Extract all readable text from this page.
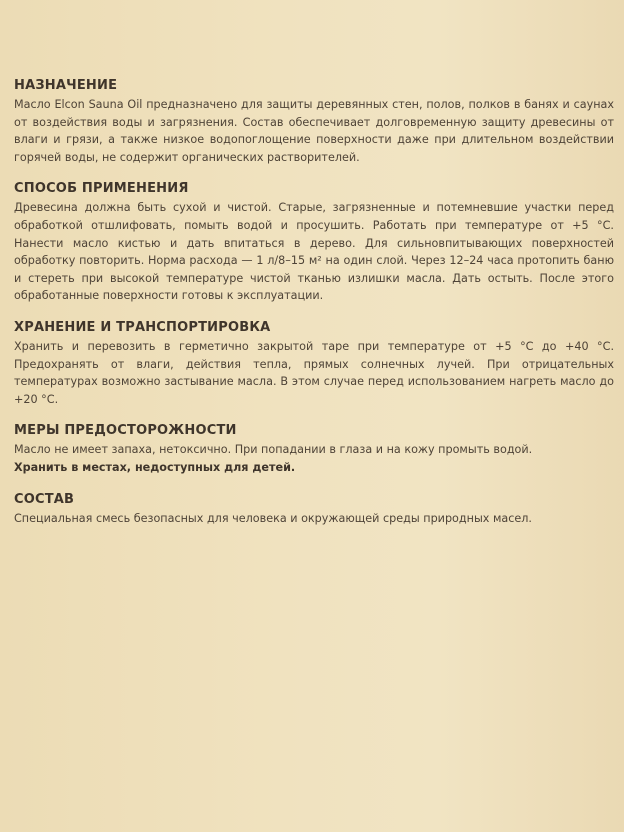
НАЗНАЧЕНИЕ

Масло Elcon Sauna Oil предназначено для защиты деревянных стен, полов, полков в банях и саунах от воздействия воды и загрязнения. Состав обеспечивает долговременную защиту древесины от влаги и грязи, а также низкое водопоглощение поверхности даже при длительном воздействии горячей воды, не содержит органических растворителей.

СПОСОБ ПРИМЕНЕНИЯ

Древесина должна быть сухой и чистой. Старые, загрязненные и потемневшие участки перед обработкой отшлифовать, помыть водой и просушить. Работать при температуре от +5 °С. Нанести масло кистью и дать впитаться в дерево. Для сильновпитывающих поверхностей обработку повторить. Норма расхода — 1 л/8–15 м² на один слой. Через 12–24 часа протопить баню и стереть при высокой температуре чистой тканью излишки масла. Дать остыть. После этого обработанные поверхности готовы к эксплуатации.

ХРАНЕНИЕ И ТРАНСПОРТИРОВКА

Хранить и перевозить в герметично закрытой таре при температуре от +5 °С до +40 °С. Предохранять от влаги, действия тепла, прямых солнечных лучей. При отрицательных температурах возможно застывание масла. В этом случае перед использованием нагреть масло до +20 °С.

МЕРЫ ПРЕДОСТОРОЖНОСТИ
Масло не имеет запаха, нетоксично. При попадании в глаза и на кожу промыть водой.
Хранить в местах, недоступных для детей.
СОСТАВ

Специальная смесь безопасных для человека и окружающей среды природных масел.
